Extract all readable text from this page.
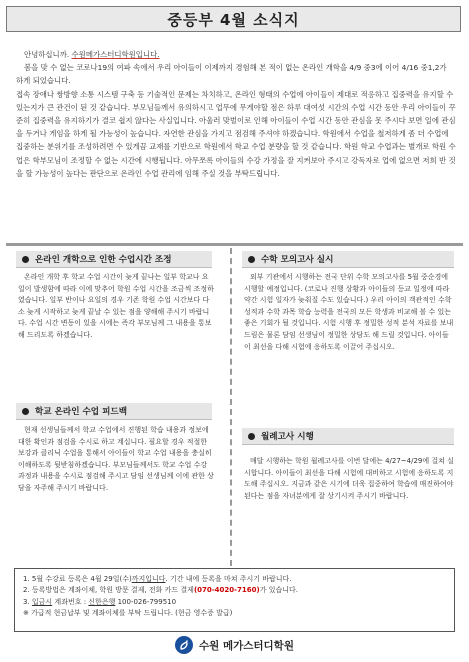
중등부 4월 소식지

안녕하십니까. 수원메가스터디학원입니다.

봄을 맞 수 없는 코로나19의 여파 속에서 우리 아이들이 이제까지 경험해 본 적이 없는 온라인 개학을 4/9 중3에 이어 4/16 중1,2가 하게 되었습니다.

접속 장애나 쌍방향 소통 시스템 구축 등 기술적인 문제는 차치하고, 온라인 형태의 수업에 아이들이 제대로 적응하고 집중력을 유지할 수 있는지가 큰 관건이 된 것 같습니다. 부모님들께서 유의하시고 업무에 무게야할 점은 하루 대여섯 시간의 수업 시간 동안 우리 아이들이 꾸준히 집중력을 유지하기가 결코 쉽지 않다는 사실입니다. 아울러 맞벌이로 인해 아이들이 수업 시간 동안 관심을 못 주시다 보면 일에 관심을 두거나 게임을 하게 될 가능성이 높습니다. 자연한 관심을 가지고 점검해 주셔야 하겠습니다. 학원에서 수업을 철저하게 좀 더 수업에 집중하는 분위기를 조성하려면 수 있게끔 교재를 기반으로 학원에서 학교 수업 분량을 할 것 같습니다. 학원 학교 수업과는 별개로 학원 수업은 학부모님이 조정할 수 없는 시간에 시행됩니다. 아무쪼록 아이들의 수강 가정을 잘 지켜보아 주시고 강독자로 업에 없으면 저희 반 것을 할 가능성이 높다는 판단으로 온라인 수업 관리에 임해 주실 것을 부탁드립니다.

온라인 개학으로 인한 수업시간 조정

온라인 개학 후 학교 수업 시간이 늦게 끝나는 일부 학교나 요일이 발생함에 따라 이에 맞추어 학원 수업 시간을 조금씩 조정하였습니다. 일부 반이나 요일의 경우 기존 학원 수업 시간보다 다소 늦게 시작하고 늦게 끝날 수 있는 점을 양해해 주시기 바랍니다. 수업 시간 변동이 있을 시에는 즉각 부모님께 그 내용을 통보해 드리도록 하겠습니다.

학교 온라인 수업 피드백

현재 선생님들께서 학교 수업에서 진행된 학습 내용과 정보에 대한 확인과 점검을 수시로 하고 계십니다. 필요할 경우 적절한 보강과 클리닉 수업을 통해서 아이들이 학교 수업 내용을 충실히 이해하도록 뒷받침하겠습니다. 부모님들께서도 학교 수업 수강 과정과 내용을 수시로 점검해 주시고 담임 선생님께 이에 관한 상담을 자주해 주시기 바랍니다.

수학 모의고사 실시

외부 기관에서 시행하는 전국 단위 수학 모의고사를 5월 중순경에 시행할 예정입니다. (코로나 진행 상황과 아이들의 등교 일정에 따라 약간 시험 일자가 늦춰질 수도 있습니다.) 우리 아이의 객관적인 수학 성적과 수학 과목 학습 능력을 전국의 모든 학생과 비교해 볼 수 있는 좋은 기회가 될 것입니다. 시험 시행 후 정밀한 성적 분석 자료를 보내드림은 물론 담임 선생님이 정밀한 상담도 해 드릴 것입니다. 아이들이 최선을 다해 시험에 응하도록 이끌어 주십시오.

월례고사 시행

매달 시행하는 학원 월례고사를 이번 달에는 4/27~4/29에 걸쳐 실시합니다. 아이들이 최선을 다해 시험에 대비하고 시험에 응하도록 지도해 주십시오. 지금과 같은 시기에 더욱 집중하여 학습에 매진하여야 된다는 점을 자녀분에게 잘 상기시켜 주시기 바랍니다.

1. 5월 수강료 등록은 4월 29일(수)까지입니다. 기간 내에 등록을 마쳐 주시기 바랍니다.
2. 등록방법은 계좌이체, 학원 방문 결제, 전화 카드 결제(070-4020-7160)가 있습니다.
3. 입금시 계좌번호 : 신한은행 100-026-799510
※ 가급적 현금납부 및 계좌이체를 부탁 드립니다. (현금 영수증 발급)
수원 메가스터디학원
